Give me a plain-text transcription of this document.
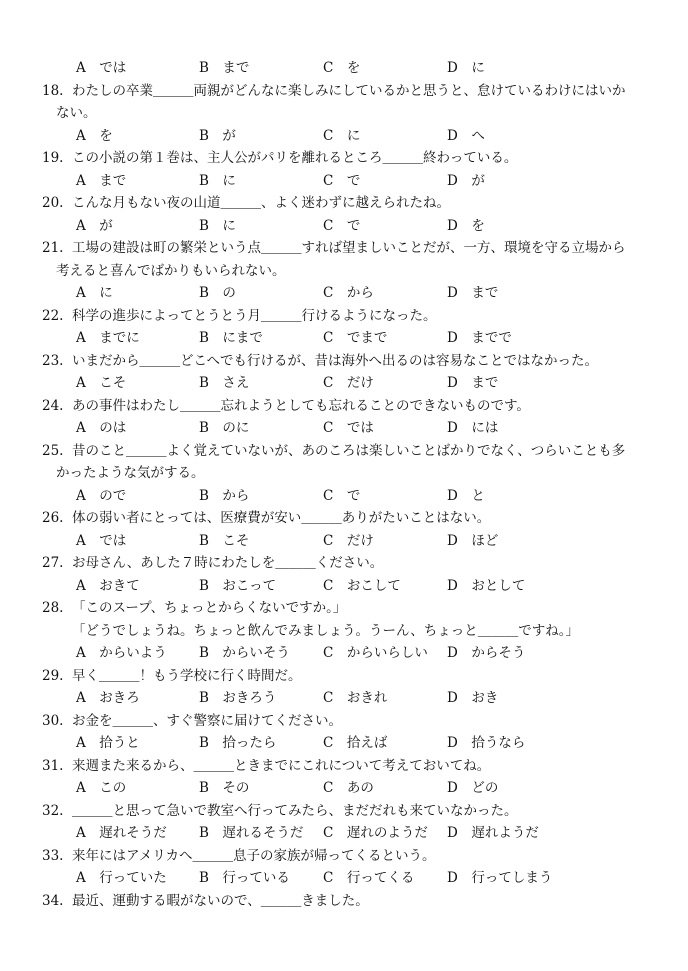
A　では	B　まで	C　を	D　に
18. わたしの卒業＿＿＿両親がどんなに楽しみにしているかと思うと、怠けているわけにはいか
ない。
A　を	B　が	C　に	D　へ
19. この小説の第１巻は、主人公がパリを離れるところ＿＿＿終わっている。
A　まで	B　に	C　で	D　が
20. こんな月もない夜の山道＿＿＿、よく迷わずに越えられたね。
A　が	B　に	C　で	D　を
21. 工場の建設は町の繁栄という点＿＿＿すれば望ましいことだが、一方、環境を守る立場から
考えると喜んでばかりもいられない。
A　に	B　の	C　から	D　まで
22. 科学の進歩によってとうとう月＿＿＿行けるようになった。
A　までに	B　にまで	C　でまで	D　までで
23. いまだから＿＿＿どこへでも行けるが、昔は海外へ出るのは容易なことではなかった。
A　こそ	B　さえ	C　だけ	D　まで
24. あの事件はわたし＿＿＿忘れようとしても忘れることのできないものです。
A　のは	B　のに	C　では	D　には
25. 昔のこと＿＿＿よく覚えていないが、あのころは楽しいことばかりでなく、つらいことも多
かったような気がする。
A　ので	B　から	C　で	D　と
26. 体の弱い者にとっては、医療費が安い＿＿＿ありがたいことはない。
A　では	B　こそ	C　だけ	D　ほど
27. お母さん、あした７時にわたしを＿＿＿ください。
A　おきて	B　おこって	C　おこして	D　おとして
28. 「このスープ、ちょっとからくないですか。」
「どうでしょうね。ちょっと飲んでみましょう。うーん、ちょっと＿＿＿ですね。」
A　からいよう B　からいそう C　からいらしい D　からそう
29. 早く＿＿＿！もう学校に行く時間だ。
A　おきろ	B　おきろう	C　おきれ	D　おき
30. お金を＿＿＿、すぐ警察に届けてください。
A　拾うと	B　拾ったら	C　拾えば	D　拾うなら
31. 来週また来るから、＿＿＿ときまでにこれについて考えておいてね。
A　この	B　その	C　あの	D　どの
32. ＿＿＿と思って急いで教室へ行ってみたら、まだだれも来ていなかった。
A　遅れそうだ B　遅れるそうだ C　遅れのようだ D　遅れようだ
33. 来年にはアメリカへ＿＿＿息子の家族が帰ってくるという。
A　行っていた B　行っている C　行ってくる D　行ってしまう
34. 最近、運動する暇がないので、＿＿＿きました。
